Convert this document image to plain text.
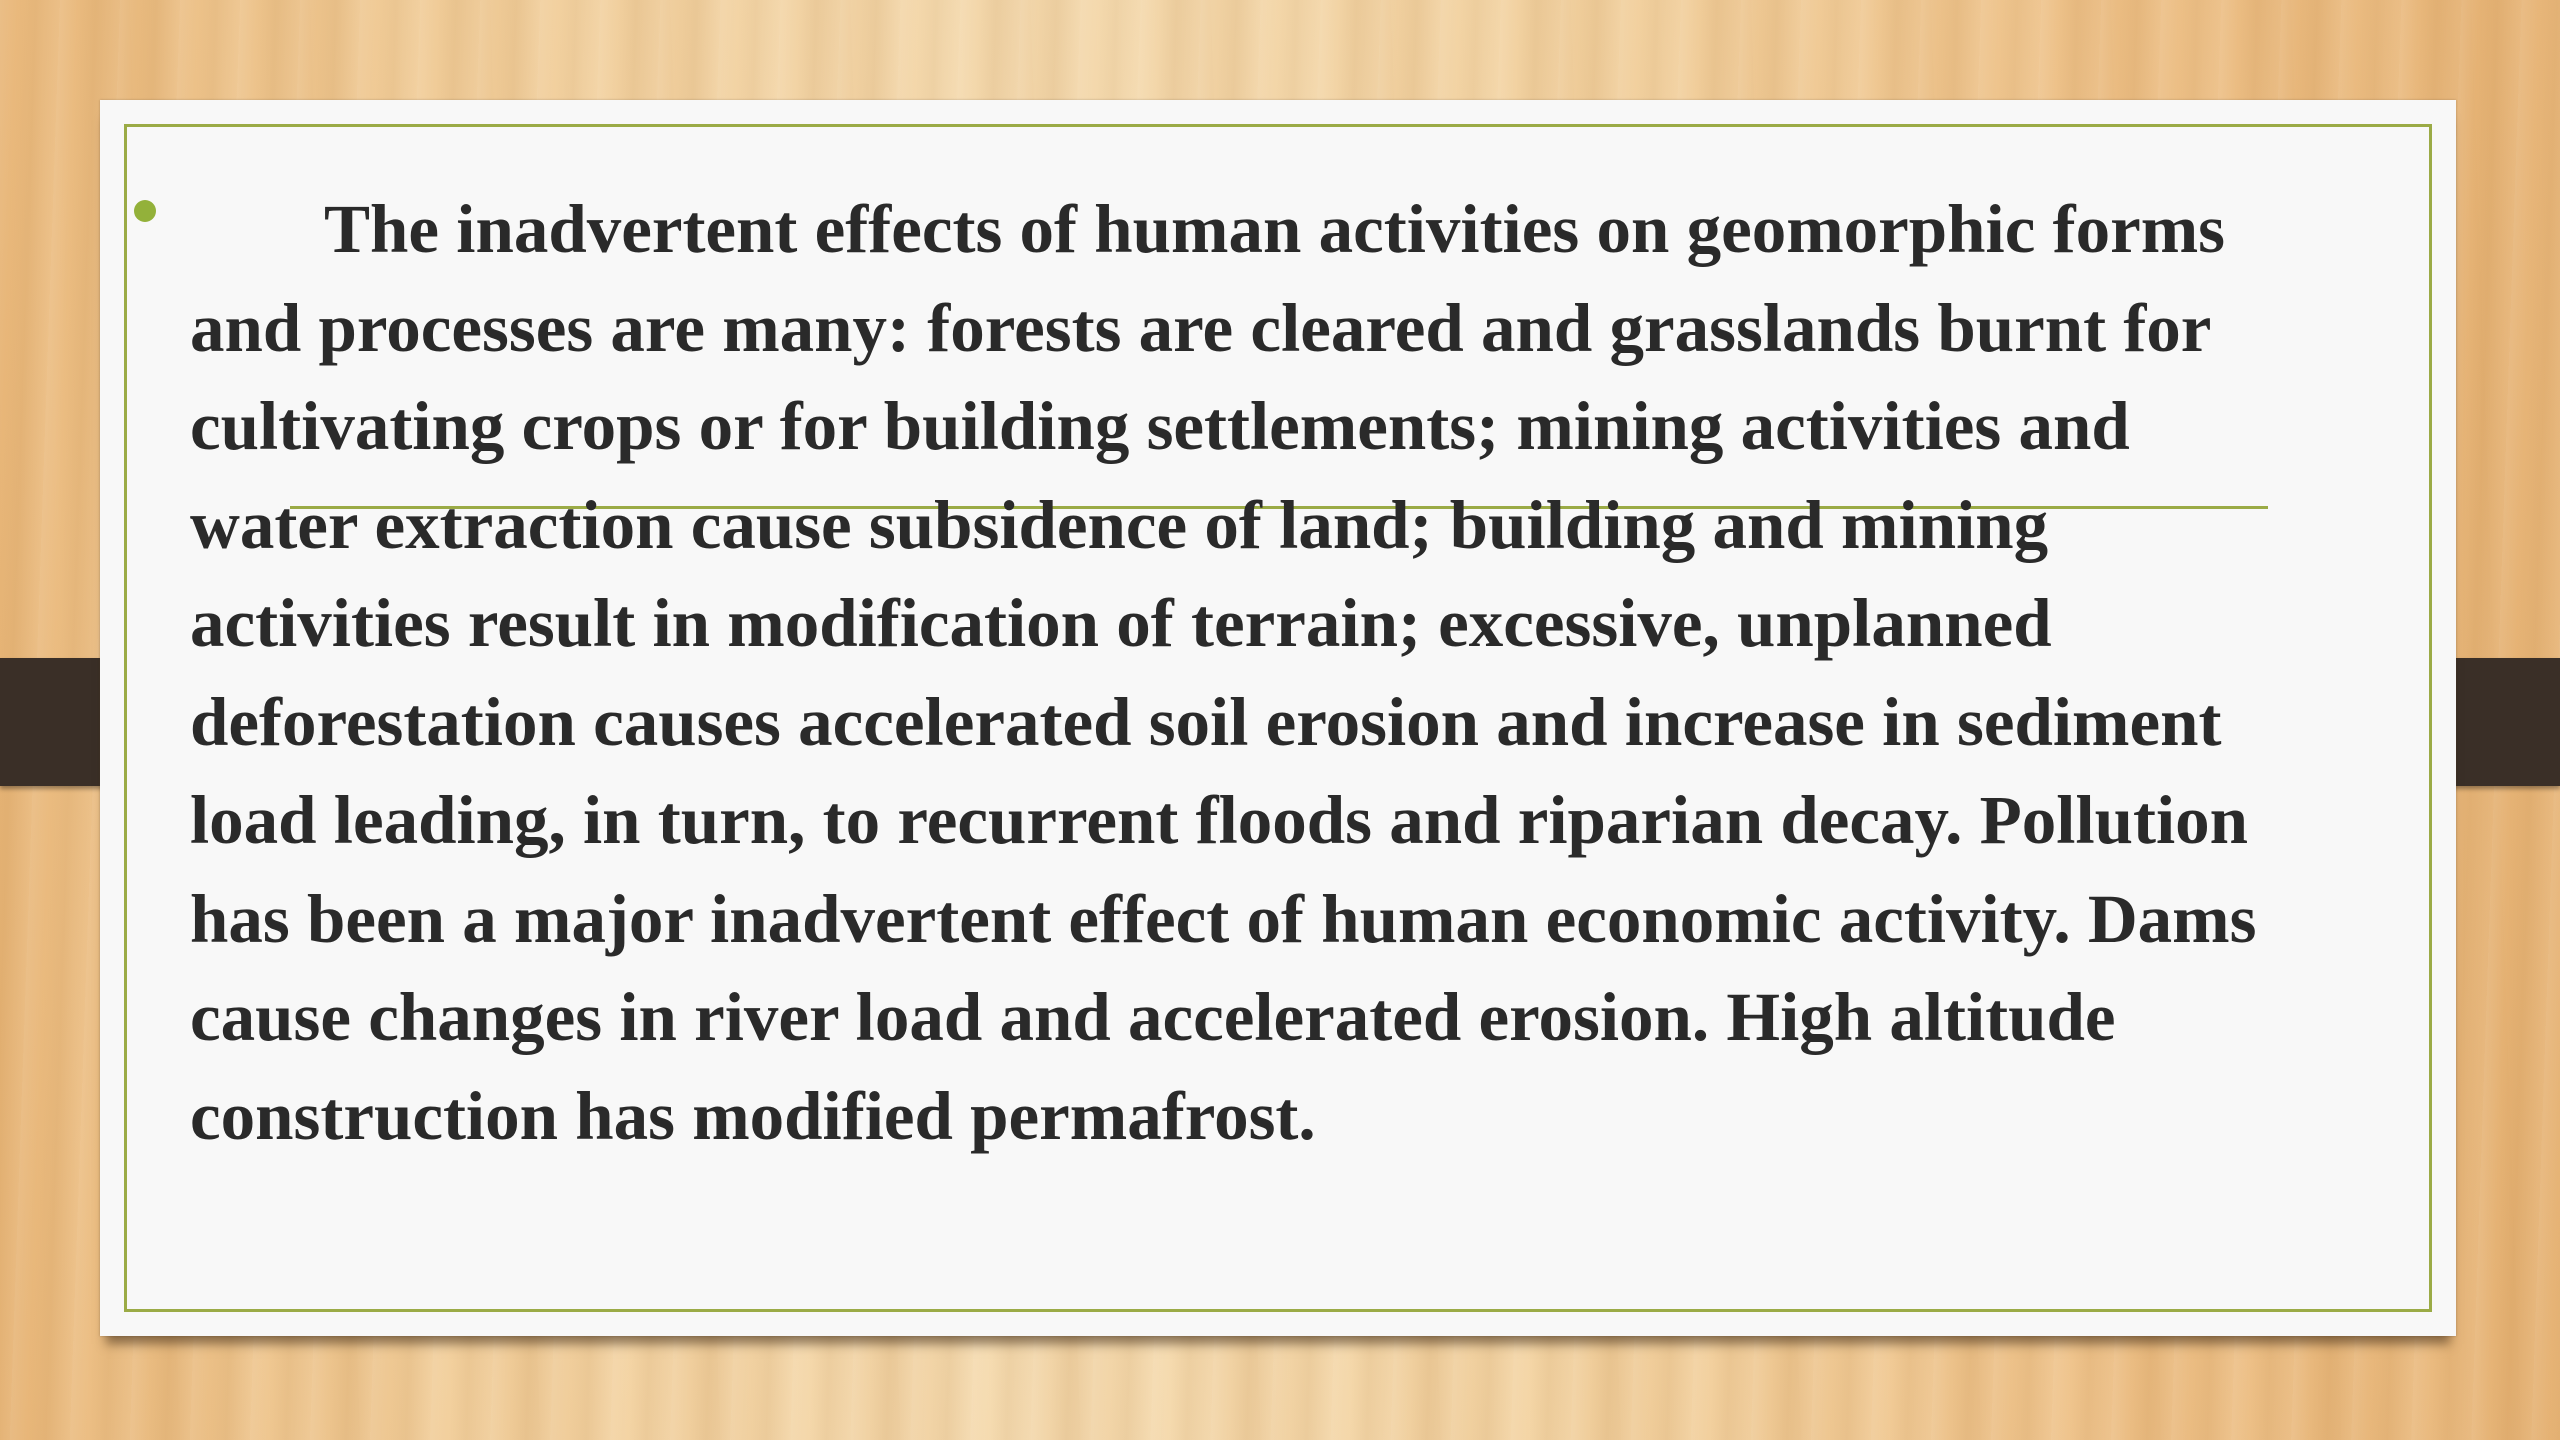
The inadvertent effects of human activities on geomorphic forms
and processes are many: forests are cleared and grasslands burnt for
cultivating crops or for building settlements; mining activities and
water extraction cause subsidence of land; building and mining
activities result in modification of terrain; excessive, unplanned
deforestation causes accelerated soil erosion and increase in sediment
load leading, in turn, to recurrent floods and riparian decay. Pollution
has been a major inadvertent effect of human economic activity. Dams
cause changes in river load and accelerated erosion. High altitude
construction has modified permafrost.
